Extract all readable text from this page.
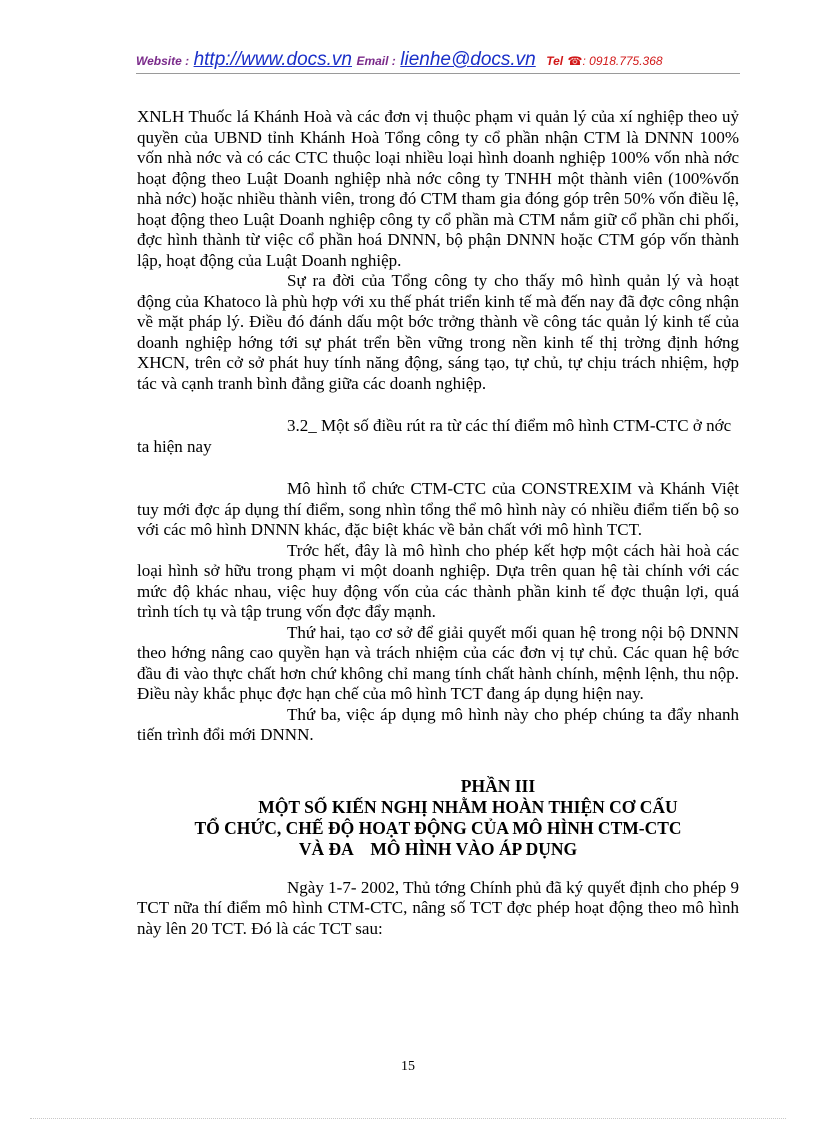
Website : http://www.docs.vn Email : lienhe@docs.vn Tel ☎: 0918.775.368

XNLH Thuốc lá Khánh Hoà và các đơn vị thuộc phạm vi quản lý của xí nghiệp theo uỷ quyền của UBND tỉnh Khánh Hoà Tổng công ty cổ phần nhận CTM là DNNN 100% vốn nhà nớc và có các CTC thuộc loại nhiều loại hình doanh nghiệp 100% vốn nhà nớc hoạt động theo Luật Doanh nghiệp nhà nớc công ty TNHH một thành viên (100%vốn nhà nớc) hoặc nhiều thành viên, trong đó CTM tham gia đóng góp trên 50% vốn điều lệ, hoạt động theo Luật Doanh nghiệp công ty cổ phần mà CTM nắm giữ cổ phần chi phối, đợc hình thành từ việc cổ phần hoá DNNN, bộ phận DNNN hoặc CTM góp vốn thành lập, hoạt động của Luật Doanh nghiệp.

Sự ra đời của Tổng công ty cho thấy mô hình quản lý và hoạt động của Khatoco là phù hợp với xu thế phát triển kinh tế mà đến nay đã đợc công nhận về mặt pháp lý. Điều đó đánh dấu một bớc trởng thành về công tác quản lý kinh tế của doanh nghiệp hớng tới sự phát trển bền vững trong nền kinh tế thị trờng định hớng XHCN, trên cở sở phát huy tính năng động, sáng tạo, tự chủ, tự chịu trách nhiệm, hợp tác và cạnh tranh bình đẳng giữa các doanh nghiệp.

3.2_ Một số điều rút ra từ các thí điểm mô hình CTM-CTC ở nớc ta hiện nay

Mô hình tổ chức CTM-CTC của CONSTREXIM và Khánh Việt tuy mới đợc áp dụng thí điểm, song nhìn tổng thể mô hình này có nhiều điểm tiến bộ so với các mô hình DNNN khác, đặc biệt khác về bản chất với mô hình TCT.

Trớc hết, đây là mô hình cho phép kết hợp một cách hài hoà các loại hình sở hữu trong phạm vi một doanh nghiệp. Dựa trên quan hệ tài chính với các mức độ khác nhau, việc huy động vốn của các thành phần kinh tế đợc thuận lợi, quá trình tích tụ và tập trung vốn đợc đẩy mạnh.

Thứ hai, tạo cơ sở để giải quyết mối quan hệ trong nội bộ DNNN theo hớng nâng cao quyền hạn và trách nhiệm của các đơn vị tự chủ. Các quan hệ bớc đầu đi vào thực chất hơn chứ không chỉ mang tính chất hành chính, mệnh lệnh, thu nộp. Điều này khắc phục đợc hạn chế của mô hình TCT đang áp dụng hiện nay.

Thứ ba, việc áp dụng mô hình này cho phép chúng ta đẩy nhanh tiến trình đổi mới DNNN.

PHẦN III
MỘT SỐ KIẾN NGHỊ NHẰM HOÀN THIỆN CƠ CẤU
TỔ CHỨC, CHẾ ĐỘ HOẠT ĐỘNG CỦA MÔ HÌNH CTM-CTC
VÀ ĐA    MÔ HÌNH VÀO ÁP DỤNG

Ngày 1-7- 2002, Thủ tớng Chính phủ đã ký quyết định cho phép 9 TCT nữa thí điểm mô hình CTM-CTC, nâng số TCT đợc phép hoạt động theo mô hình này lên 20 TCT. Đó là các TCT sau:

15
